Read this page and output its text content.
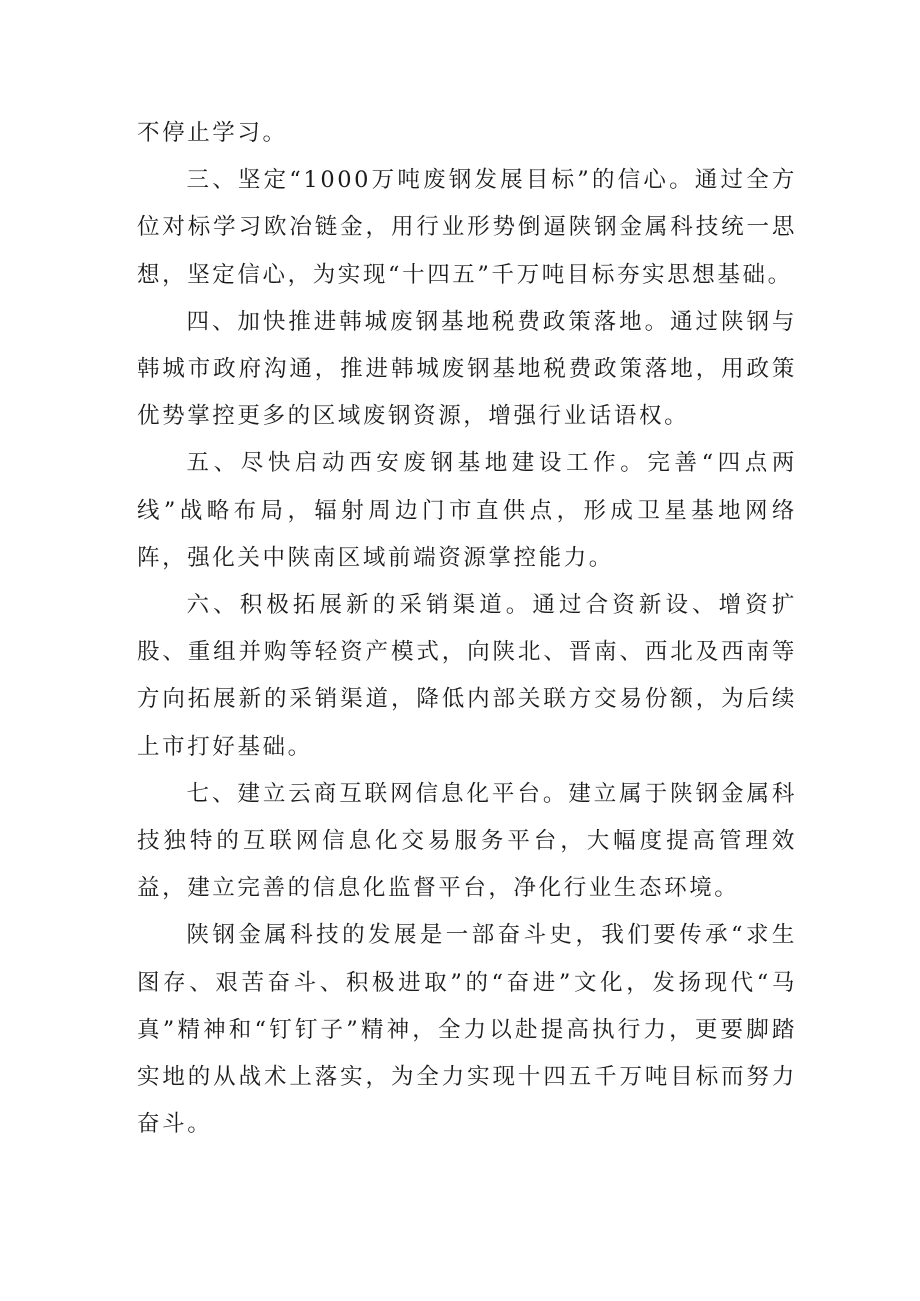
不停止学习。

三、坚定“1000万吨废钢发展目标”的信心。通过全方位对标学习欧冶链金，用行业形势倒逼陕钢金属科技统一思想，坚定信心，为实现“十四五”千万吨目标夯实思想基础。

四、加快推进韩城废钢基地税费政策落地。通过陕钢与韩城市政府沟通，推进韩城废钢基地税费政策落地，用政策优势掌控更多的区域废钢资源，增强行业话语权。

五、尽快启动西安废钢基地建设工作。完善“四点两线”战略布局，辐射周边门市直供点，形成卫星基地网络阵，强化关中陕南区域前端资源掌控能力。

六、积极拓展新的采销渠道。通过合资新设、增资扩股、重组并购等轻资产模式，向陕北、晋南、西北及西南等方向拓展新的采销渠道，降低内部关联方交易份额，为后续上市打好基础。

七、建立云商互联网信息化平台。建立属于陕钢金属科技独特的互联网信息化交易服务平台，大幅度提高管理效益，建立完善的信息化监督平台，净化行业生态环境。

陕钢金属科技的发展是一部奋斗史，我们要传承“求生图存、艰苦奋斗、积极进取”的“奋进”文化，发扬现代“马真”精神和“钉钉子”精神，全力以赴提高执行力，更要脚踏实地的从战术上落实，为全力实现十四五千万吨目标而努力奋斗。
